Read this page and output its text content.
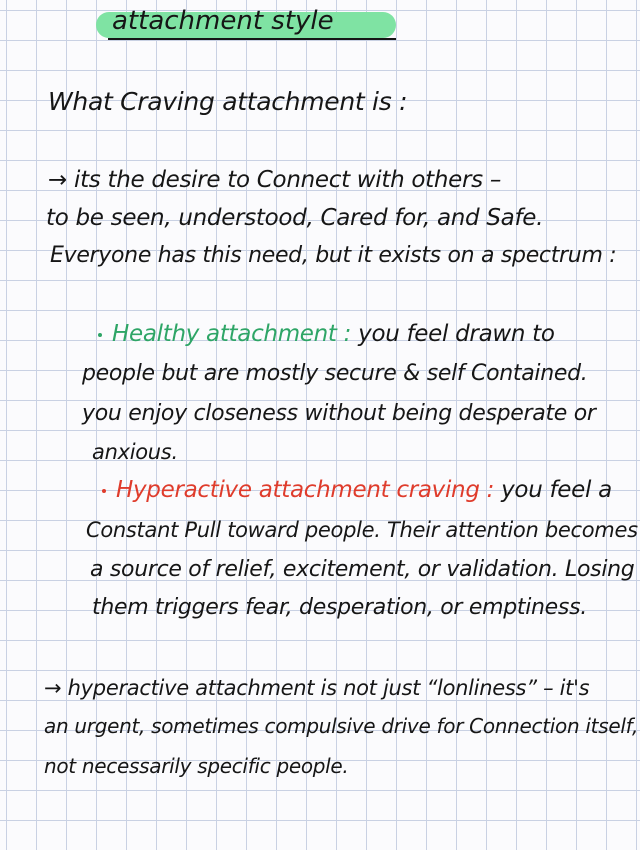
attachment style
What Craving attachment is :
→ its the desire to Connect with others –
to be seen, understood, Cared for, and Safe.
Everyone has this need, but it exists on a spectrum :
Healthy attachment : you feel drawn to
people but are mostly secure & self Contained.
you enjoy closeness without being desperate or
anxious.
Hyperactive attachment craving : you feel a
Constant Pull toward people. Their attention becomes
a source of relief, excitement, or validation. Losing
them triggers fear, desperation, or emptiness.
→ hyperactive attachment is not just “lonliness” – it's
an urgent, sometimes compulsive drive for Connection itself,
not necessarily specific people.
